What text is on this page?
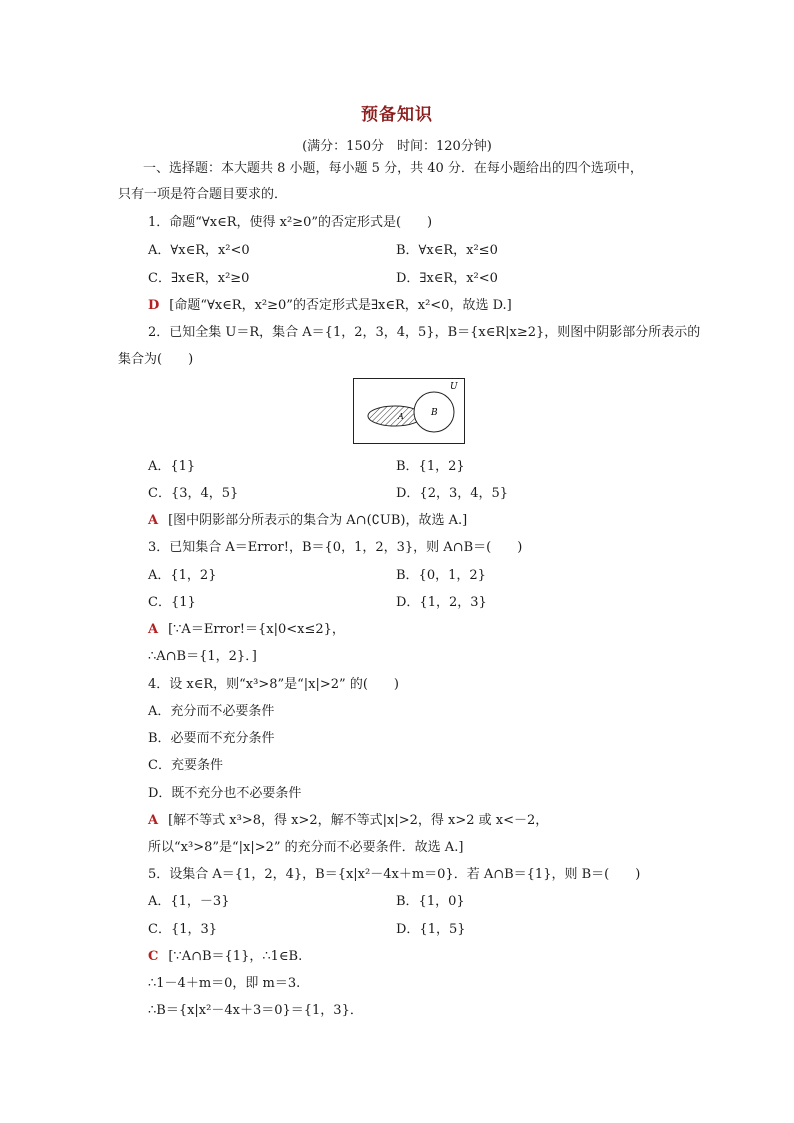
预备知识
(满分：150分　时间：120分钟)
一、选择题：本大题共 8 小题，每小题 5 分，共 40 分．在每小题给出的四个选项中，
只有一项是符合题目要求的．
1．命题“∀x∈R，使得 x²≥0”的否定形式是(　　)
A．∀x∈R，x²<0	B．∀x∈R，x²≤0
C．∃x∈R，x²≥0	D．∃x∈R，x²<0
D [命题“∀x∈R，x²≥0”的否定形式是∃x∈R，x²<0，故选 D.]
2．已知全集 U＝R，集合 A＝{1，2，3，4，5}，B＝{x∈R|x≥2}，则图中阴影部分所表示的
集合为(　　)
U
A	B
A．{1}	B．{1，2}
C．{3，4，5}	D．{2，3，4，5}
A [图中阴影部分所表示的集合为 A∩(∁UB)，故选 A.]
3．已知集合 A＝Error!，B＝{0，1，2，3}，则 A∩B＝(　　)
A．{1，2}	B．{0，1，2}
C．{1}	D．{1，2，3}
A [∵A＝Error!＝{x|0<x≤2}，
∴A∩B＝{1，2}．]
4．设 x∈R，则“x³>8”是“|x|>2” 的(　　)
A．充分而不必要条件
B．必要而不充分条件
C．充要条件
D．既不充分也不必要条件
A [解不等式 x³>8，得 x>2，解不等式|x|>2，得 x>2 或 x<－2，
所以“x³>8”是“|x|>2” 的充分而不必要条件．故选 A.]
5．设集合 A＝{1，2，4}，B＝{x|x²－4x＋m＝0}．若 A∩B＝{1}，则 B＝(　　)
A．{1，－3}	B．{1，0}
C．{1，3}	D．{1，5}
C [∵A∩B＝{1}，∴1∈B.
∴1－4＋m＝0，即 m＝3.
∴B＝{x|x²－4x＋3＝0}＝{1，3}．
